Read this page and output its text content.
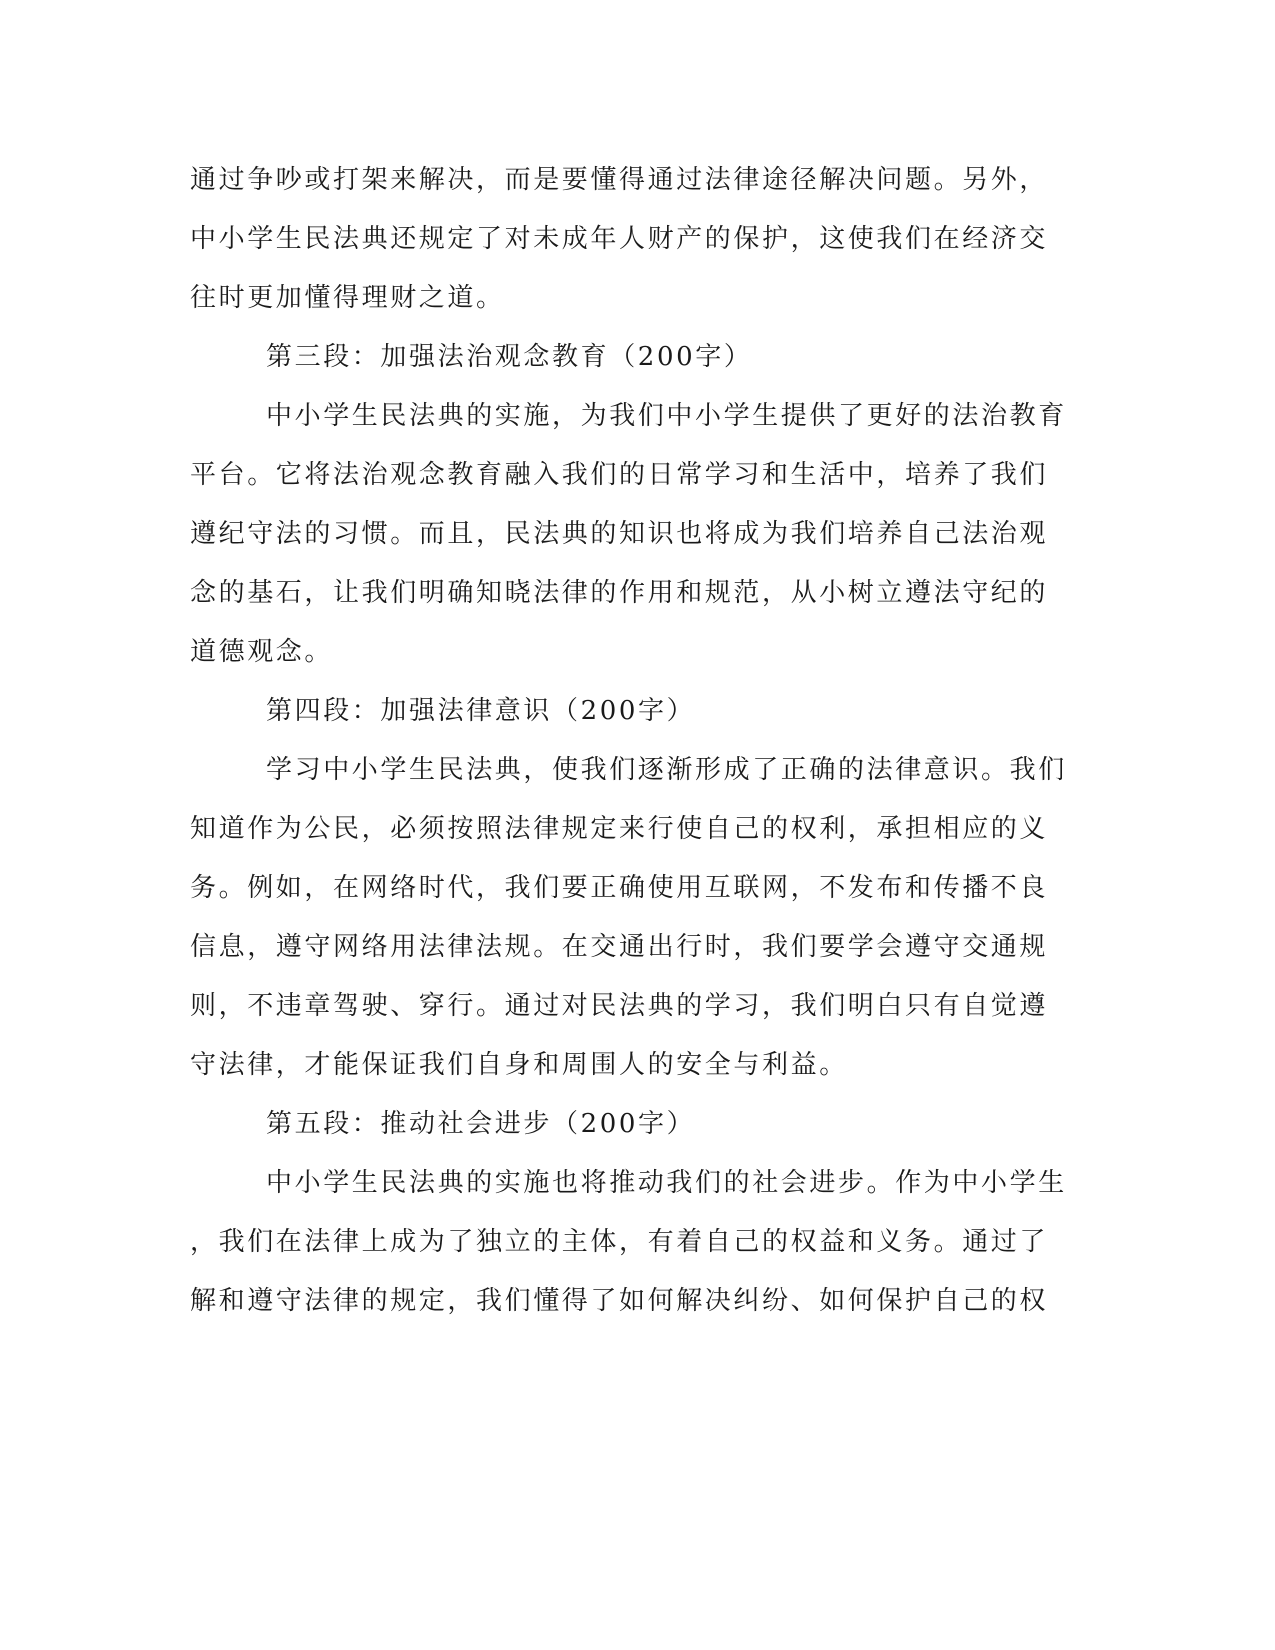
通过争吵或打架来解决，而是要懂得通过法律途径解决问题。另外，
中小学生民法典还规定了对未成年人财产的保护，这使我们在经济交
往时更加懂得理财之道。
第三段：加强法治观念教育（200字）
中小学生民法典的实施，为我们中小学生提供了更好的法治教育
平台。它将法治观念教育融入我们的日常学习和生活中，培养了我们
遵纪守法的习惯。而且，民法典的知识也将成为我们培养自己法治观
念的基石，让我们明确知晓法律的作用和规范，从小树立遵法守纪的
道德观念。
第四段：加强法律意识（200字）
学习中小学生民法典，使我们逐渐形成了正确的法律意识。我们
知道作为公民，必须按照法律规定来行使自己的权利，承担相应的义
务。例如，在网络时代，我们要正确使用互联网，不发布和传播不良
信息，遵守网络用法律法规。在交通出行时，我们要学会遵守交通规
则，不违章驾驶、穿行。通过对民法典的学习，我们明白只有自觉遵
守法律，才能保证我们自身和周围人的安全与利益。
第五段：推动社会进步（200字）
中小学生民法典的实施也将推动我们的社会进步。作为中小学生
，我们在法律上成为了独立的主体，有着自己的权益和义务。通过了
解和遵守法律的规定，我们懂得了如何解决纠纷、如何保护自己的权
